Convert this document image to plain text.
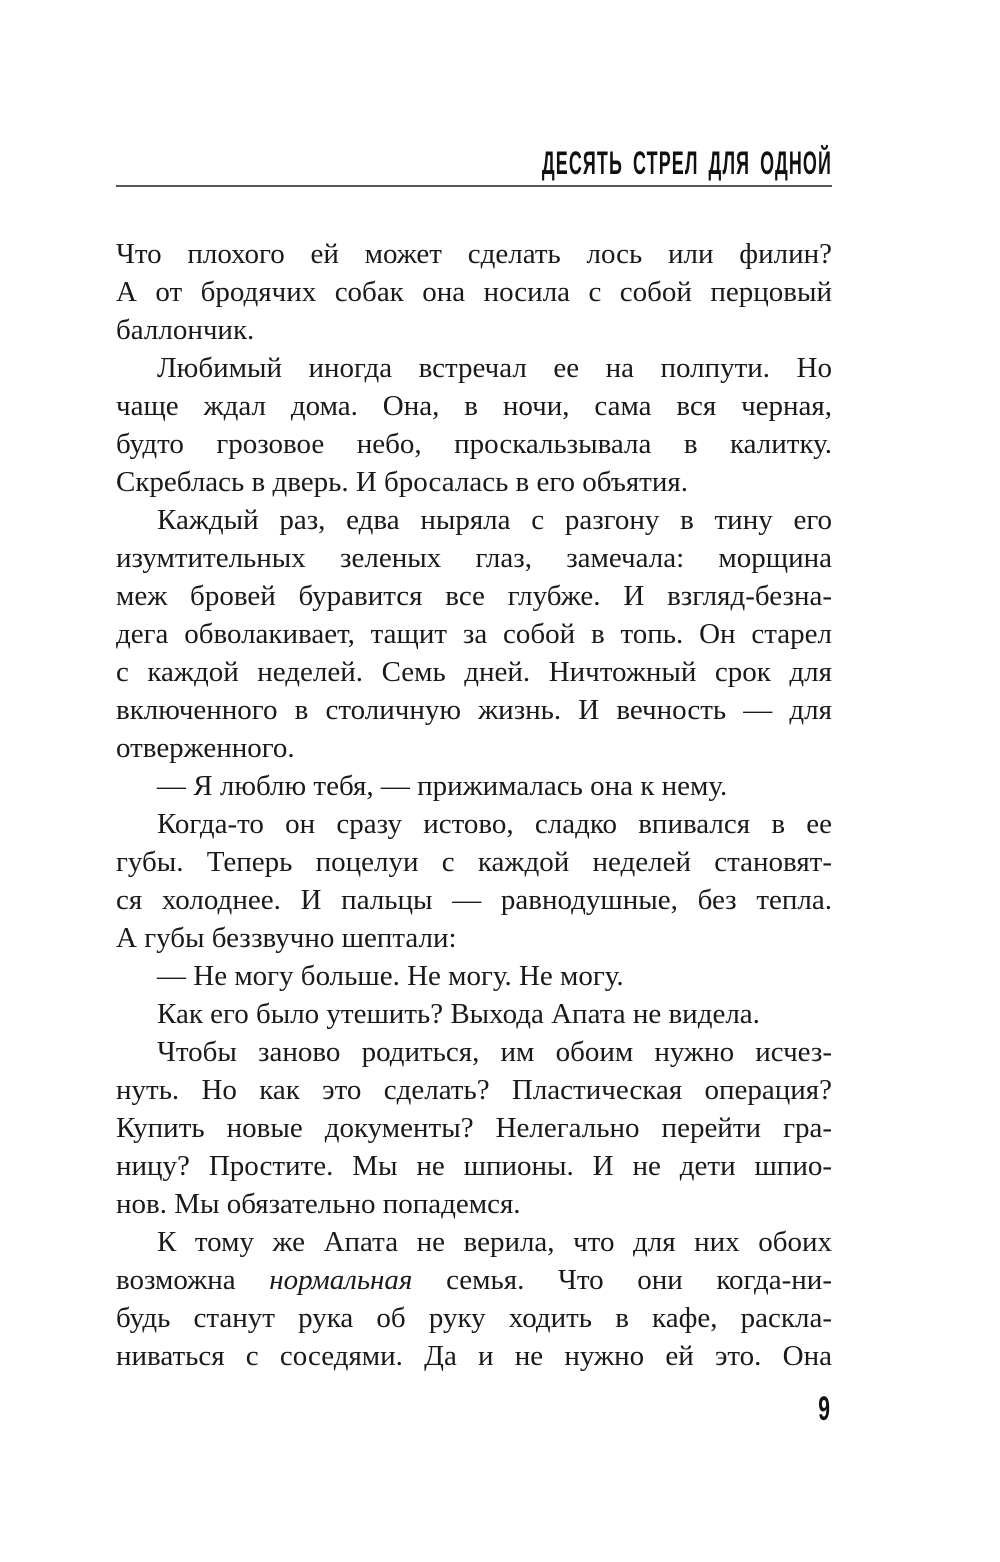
ДЕСЯТЬ СТРЕЛ ДЛЯ ОДНОЙ
Что плохого ей может сделать лось или филин?
А от бродячих собак она носила с собой перцовый
баллончик.
Любимый иногда встречал ее на полпути. Но
чаще ждал дома. Она, в ночи, сама вся черная,
будто грозовое небо, проскальзывала в калитку.
Скреблась в дверь. И бросалась в его объятия.
Каждый раз, едва ныряла с разгону в тину его
изумтительных зеленых глаз, замечала: морщина
меж бровей буравится все глубже. И взгляд-безна-
дега обволакивает, тащит за собой в топь. Он старел
с каждой неделей. Семь дней. Ничтожный срок для
включенного в столичную жизнь. И вечность — для
отверженного.
— Я люблю тебя, — прижималась она к нему.
Когда-то он сразу истово, сладко впивался в ее
губы. Теперь поцелуи с каждой неделей становят-
ся холоднее. И пальцы — равнодушные, без тепла.
А губы беззвучно шептали:
— Не могу больше. Не могу. Не могу.
Как его было утешить? Выхода Апата не видела.
Чтобы заново родиться, им обоим нужно исчез-
нуть. Но как это сделать? Пластическая операция?
Купить новые документы? Нелегально перейти гра-
ницу? Простите. Мы не шпионы. И не дети шпио-
нов. Мы обязательно попадемся.
К тому же Апата не верила, что для них обоих
возможна нормальная семья. Что они когда-ни-
будь станут рука об руку ходить в кафе, раскла-
ниваться с соседями. Да и не нужно ей это. Она
9
